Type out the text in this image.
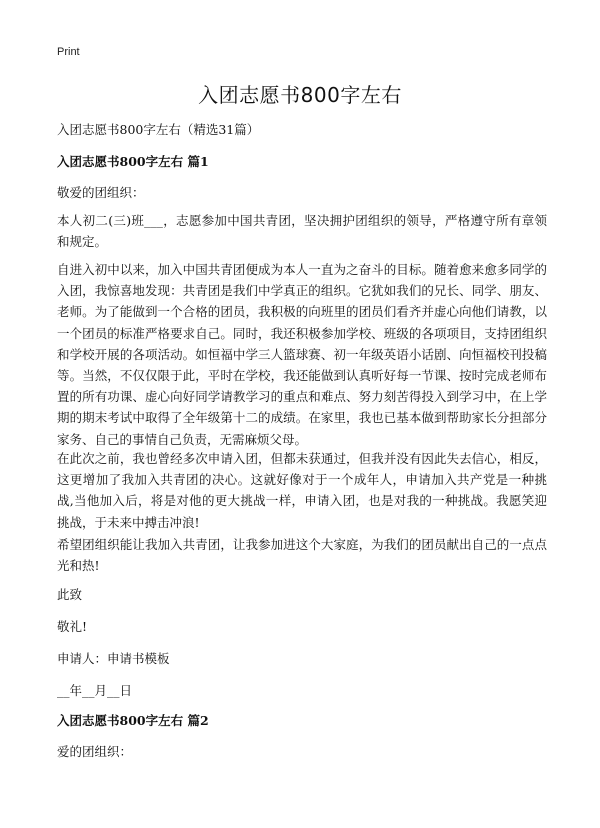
Print
入团志愿书800字左右

入团志愿书800字左右（精选31篇）

入团志愿书800字左右 篇1

敬爱的团组织：

本人初二(三)班___，志愿参加中国共青团，坚决拥护团组织的领导，严格遵守所有章领和规定。

自进入初中以来，加入中国共青团便成为本人一直为之奋斗的目标。随着愈来愈多同学的入团，我惊喜地发现：共青团是我们中学真正的组织。它犹如我们的兄长、同学、朋友、老师。为了能做到一个合格的团员，我积极的向班里的团员们看齐并虚心向他们请教，以一个团员的标准严格要求自己。同时，我还积极参加学校、班级的各项项目，支持团组织和学校开展的各项活动。如恒福中学三人篮球赛、初一年级英语小话剧、向恒福校刊投稿等。当然，不仅仅限于此，平时在学校，我还能做到认真听好每一节课、按时完成老师布置的所有功课、虚心向好同学请教学习的重点和难点、努力刻苦得投入到学习中，在上学期的期末考试中取得了全年级第十二的成绩。在家里，我也已基本做到帮助家长分担部分家务、自己的事情自己负责，无需麻烦父母。

在此次之前，我也曾经多次申请入团，但都未获通过，但我并没有因此失去信心，相反，这更增加了我加入共青团的决心。这就好像对于一个成年人，申请加入共产党是一种挑战,当他加入后，将是对他的更大挑战一样，申请入团，也是对我的一种挑战。我愿笑迎挑战，于未来中搏击冲浪!

希望团组织能让我加入共青团，让我参加进这个大家庭，为我们的团员献出自己的一点点光和热!

此致

敬礼!

申请人：申请书模板

__年__月__日

入团志愿书800字左右 篇2

爱的团组织：
